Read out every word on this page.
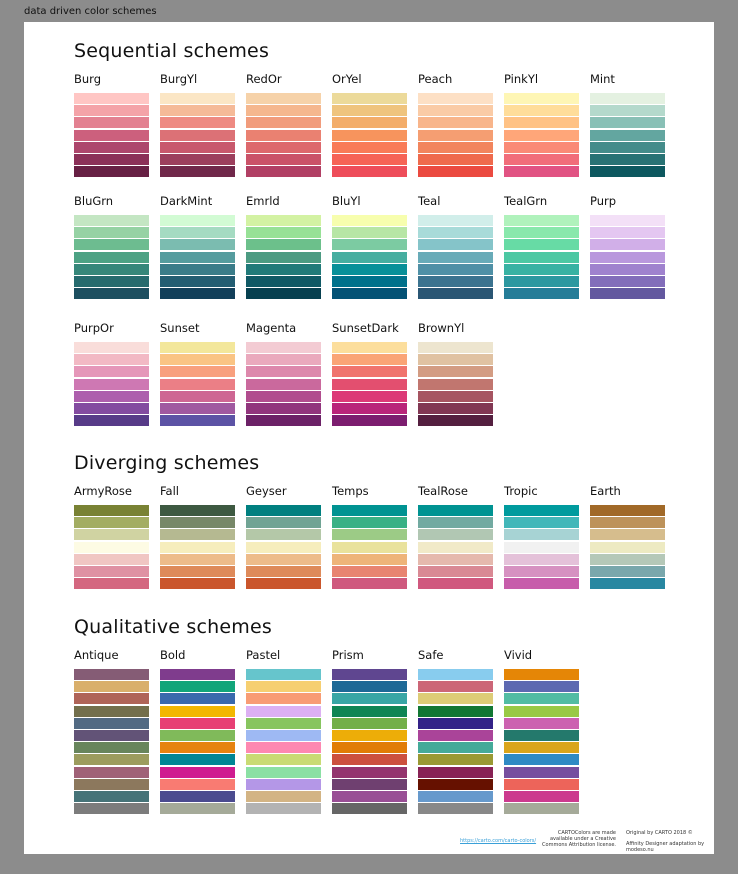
data driven color schemes
Sequential schemes
Burg	BurgYl	RedOr	OrYel	Peach	PinkYl	Mint
BluGrn	DarkMint	Emrld	BluYl	Teal	TealGrn	Purp
PurpOr	Sunset	Magenta	SunsetDark BrownYl
Diverging schemes
ArmyRose Fall	Geyser	Temps	TealRose	Tropic	Earth
Qualitative schemes
Antique	Bold	Pastel	Prism	Safe	Vivid
https://carto.com/carto-colors/
CARTOColors are made
available under a Creative
Commons Attribution license.
Original by CARTO 2018 ©
Affinity Designer adaptation by modeso.nu
